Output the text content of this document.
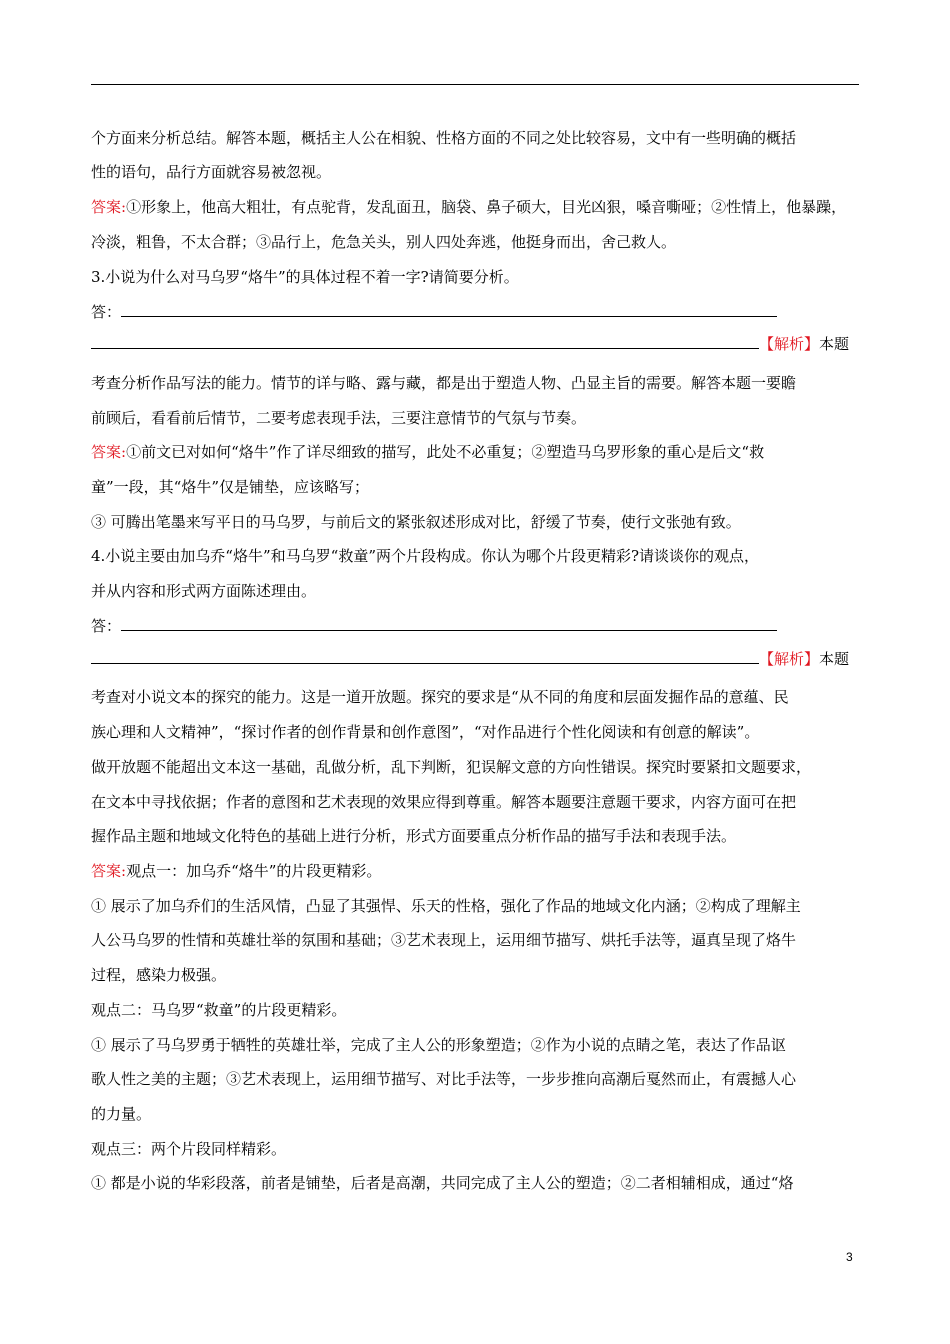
个方面来分析总结。解答本题，概括主人公在相貌、性格方面的不同之处比较容易，文中有一些明确的概括
性的语句，品行方面就容易被忽视。
答案:①形象上，他高大粗壮，有点驼背，发乱面丑，脑袋、鼻子硕大，目光凶狠，嗓音嘶哑；②性情上，他暴躁，
冷淡，粗鲁，不太合群；③品行上，危急关头，别人四处奔逃，他挺身而出，舍己救人。
3.小说为什么对马乌罗“烙牛”的具体过程不着一字?请简要分析。
答：
【解析】本题
考查分析作品写法的能力。情节的详与略、露与藏，都是出于塑造人物、凸显主旨的需要。解答本题一要瞻
前顾后，看看前后情节，二要考虑表现手法，三要注意情节的气氛与节奏。
答案:①前文已对如何“烙牛”作了详尽细致的描写，此处不必重复；②塑造马乌罗形象的重心是后文“救
童”一段，其“烙牛”仅是铺垫，应该略写；
③ 可腾出笔墨来写平日的马乌罗，与前后文的紧张叙述形成对比，舒缓了节奏，使行文张弛有致。
4.小说主要由加乌乔“烙牛”和马乌罗“救童”两个片段构成。你认为哪个片段更精彩?请谈谈你的观点，
并从内容和形式两方面陈述理由。
答：
【解析】本题
考查对小说文本的探究的能力。这是一道开放题。探究的要求是“从不同的角度和层面发掘作品的意蕴、民
族心理和人文精神”，“探讨作者的创作背景和创作意图”，“对作品进行个性化阅读和有创意的解读”。
做开放题不能超出文本这一基础，乱做分析，乱下判断，犯误解文意的方向性错误。探究时要紧扣文题要求，
在文本中寻找依据；作者的意图和艺术表现的效果应得到尊重。解答本题要注意题干要求，内容方面可在把
握作品主题和地域文化特色的基础上进行分析，形式方面要重点分析作品的描写手法和表现手法。
答案:观点一：加乌乔“烙牛”的片段更精彩。
① 展示了加乌乔们的生活风情，凸显了其强悍、乐天的性格，强化了作品的地域文化内涵；②构成了理解主
人公马乌罗的性情和英雄壮举的氛围和基础；③艺术表现上，运用细节描写、烘托手法等，逼真呈现了烙牛
过程，感染力极强。
观点二：马乌罗“救童”的片段更精彩。
① 展示了马乌罗勇于牺牲的英雄壮举，完成了主人公的形象塑造；②作为小说的点睛之笔，表达了作品讴
歌人性之美的主题；③艺术表现上，运用细节描写、对比手法等，一步步推向高潮后戛然而止，有震撼人心
的力量。
观点三：两个片段同样精彩。
① 都是小说的华彩段落，前者是铺垫，后者是高潮，共同完成了主人公的塑造；②二者相辅相成，通过“烙
3
